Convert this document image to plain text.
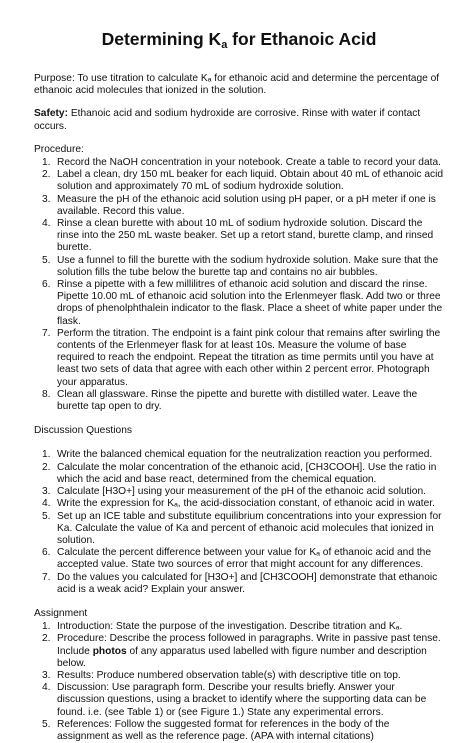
Determining $K_a$ for Ethanoic Acid

Purpose: To use titration to calculate Kₐ for ethanoic acid and determine the percentage of ethanoic acid molecules that ionized in the solution.

Safety: Ethanoic acid and sodium hydroxide are corrosive. Rinse with water if contact occurs.

Procedure:

1. Record the NaOH concentration in your notebook. Create a table to record your data.
2. Label a clean, dry 150 mL beaker for each liquid. Obtain about 40 mL of ethanoic acid solution and approximately 70 mL of sodium hydroxide solution.
3. Measure the pH of the ethanoic acid solution using pH paper, or a pH meter if one is available. Record this value.
4. Rinse a clean burette with about 10 mL of sodium hydroxide solution. Discard the rinse into the 250 mL waste beaker. Set up a retort stand, burette clamp, and rinsed burette.
5. Use a funnel to fill the burette with the sodium hydroxide solution. Make sure that the solution fills the tube below the burette tap and contains no air bubbles.
6. Rinse a pipette with a few millilitres of ethanoic acid solution and discard the rinse. Pipette 10.00 mL of ethanoic acid solution into the Erlenmeyer flask. Add two or three drops of phenolphthalein indicator to the flask. Place a sheet of white paper under the flask.
7. Perform the titration. The endpoint is a faint pink colour that remains after swirling the contents of the Erlenmeyer flask for at least 10s. Measure the volume of base required to reach the endpoint. Repeat the titration as time permits until you have at least two sets of data that agree with each other within 2 percent error. Photograph your apparatus.
8. Clean all glassware. Rinse the pipette and burette with distilled water. Leave the burette tap open to dry.

Discussion Questions

1. Write the balanced chemical equation for the neutralization reaction you performed.
2. Calculate the molar concentration of the ethanoic acid, [CH3COOH]. Use the ratio in which the acid and base react, determined from the chemical equation.
3. Calculate [H3O+] using your measurement of the pH of the ethanoic acid solution.
4. Write the expression for Kₐ, the acid-dissociation constant, of ethanoic acid in water.
5. Set up an ICE table and substitute equilibrium concentrations into your expression for Ka. Calculate the value of Ka and percent of ethanoic acid molecules that ionized in solution.
6. Calculate the percent difference between your value for Kₐ of ethanoic acid and the accepted value. State two sources of error that might account for any differences.
7. Do the values you calculated for [H3O+] and [CH3COOH] demonstrate that ethanoic acid is a weak acid? Explain your answer.

Assignment

1. Introduction: State the purpose of the investigation. Describe titration and Kₐ.
2. Procedure: Describe the process followed in paragraphs. Write in passive past tense. Include photos of any apparatus used labelled with figure number and description below.
3. Results: Produce numbered observation table(s) with descriptive title on top.
4. Discussion: Use paragraph form. Describe your results briefly. Answer your discussion questions, using a bracket to identify where the supporting data can be found. i.e. (see Table 1) or (see Figure 1.) State any experimental errors.
5. References: Follow the suggested format for references in the body of the assignment as well as the reference page. (APA with internal citations)
